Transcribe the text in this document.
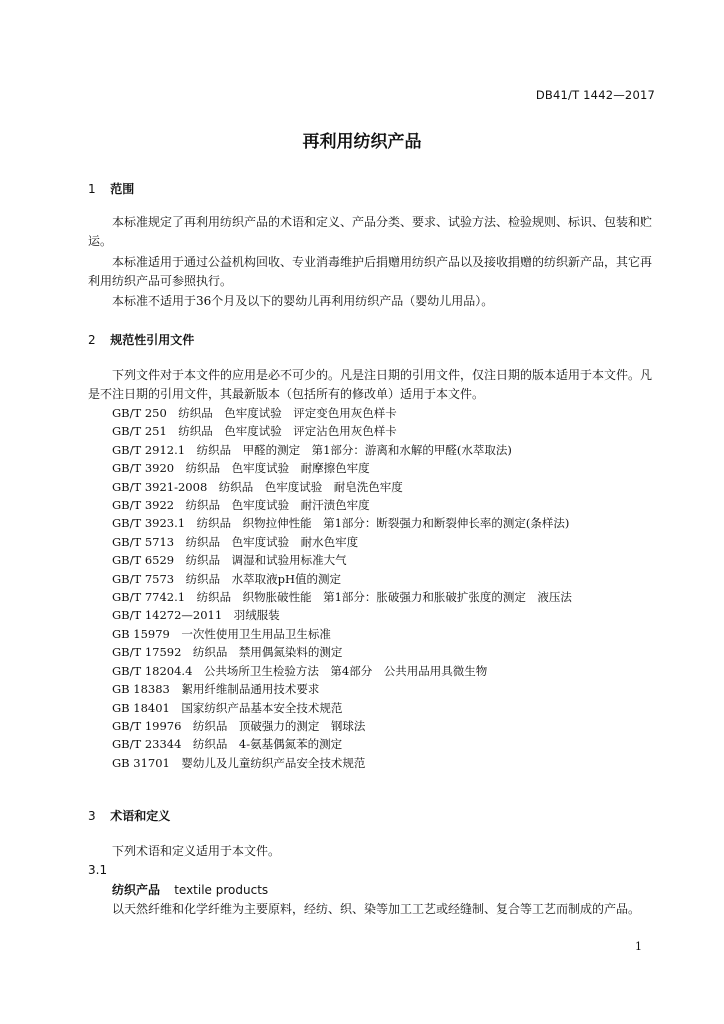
DB41/T 1442—2017
再利用纺织产品
1 范围

本标准规定了再利用纺织产品的术语和定义、产品分类、要求、试验方法、检验规则、标识、包装和贮运。

本标准适用于通过公益机构回收、专业消毒维护后捐赠用纺织产品以及接收捐赠的纺织新产品，其它再利用纺织产品可参照执行。

本标准不适用于36个月及以下的婴幼儿再利用纺织产品（婴幼儿用品）。

2 规范性引用文件

下列文件对于本文件的应用是必不可少的。凡是注日期的引用文件，仅注日期的版本适用于本文件。凡是不注日期的引用文件，其最新版本（包括所有的修改单）适用于本文件。

GB/T 250　纺织品　色牢度试验　评定变色用灰色样卡
GB/T 251　纺织品　色牢度试验　评定沾色用灰色样卡
GB/T 2912.1　纺织品　甲醛的测定　第1部分：游离和水解的甲醛(水萃取法)
GB/T 3920　纺织品　色牢度试验　耐摩擦色牢度
GB/T 3921-2008　纺织品　色牢度试验　耐皂洗色牢度
GB/T 3922　纺织品　色牢度试验　耐汗渍色牢度
GB/T 3923.1　纺织品　织物拉伸性能　第1部分：断裂强力和断裂伸长率的测定(条样法)
GB/T 5713　纺织品　色牢度试验　耐水色牢度
GB/T 6529　纺织品　调湿和试验用标准大气
GB/T 7573　纺织品　水萃取液pH值的测定
GB/T 7742.1　纺织品　织物胀破性能　第1部分：胀破强力和胀破扩张度的测定　液压法
GB/T 14272—2011　羽绒服装
GB 15979　一次性使用卫生用品卫生标准
GB/T 17592　纺织品　禁用偶氮染料的测定
GB/T 18204.4　公共场所卫生检验方法　第4部分　公共用品用具微生物
GB 18383　絮用纤维制品通用技术要求
GB 18401　国家纺织产品基本安全技术规范
GB/T 19976　纺织品　顶破强力的测定　钢球法
GB/T 23344　纺织品　4-氨基偶氮苯的测定
GB 31701　婴幼儿及儿童纺织产品安全技术规范
3 术语和定义

下列术语和定义适用于本文件。

3.1
纺织产品 textile products
以天然纤维和化学纤维为主要原料，经纺、织、染等加工工艺或经缝制、复合等工艺而制成的产品。
1
